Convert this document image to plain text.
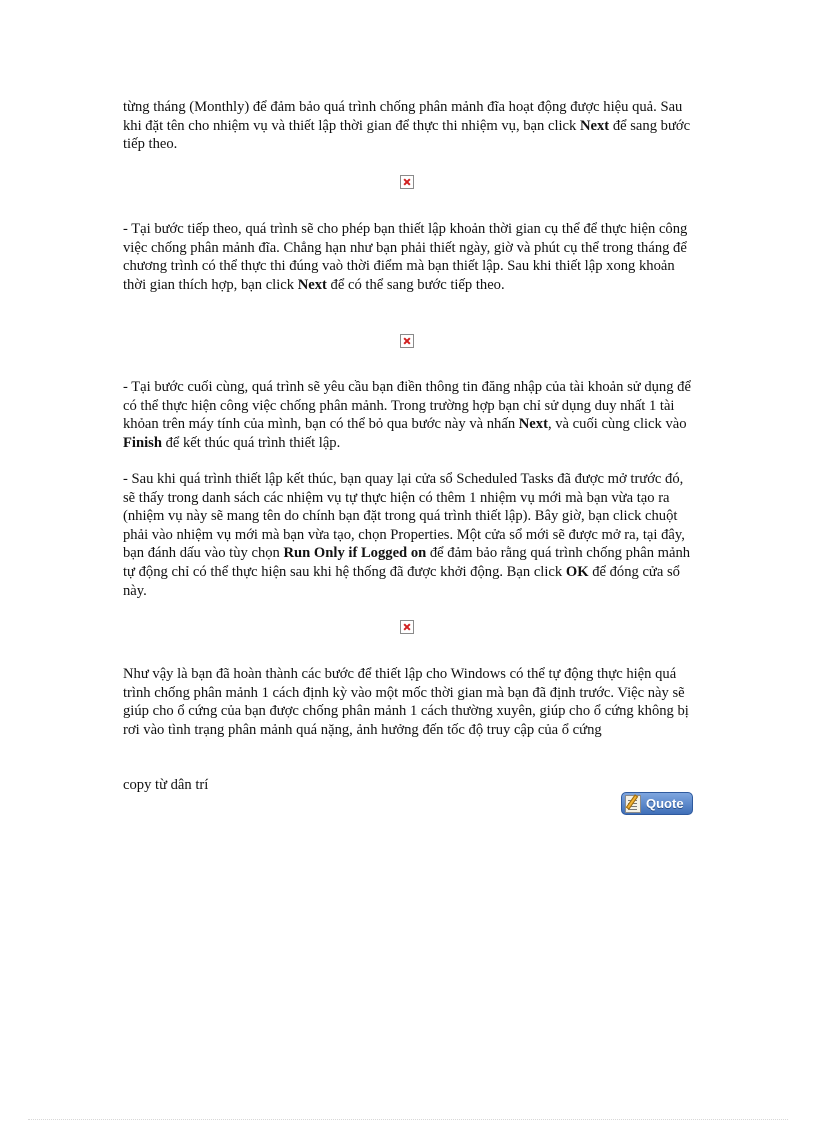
từng tháng (Monthly) để đảm bảo quá trình chống phân mảnh đĩa hoạt động được hiệu quả. Sau khi đặt tên cho nhiệm vụ và thiết lập thời gian để thực thi nhiệm vụ, bạn click Next để sang bước tiếp theo.

- Tại bước tiếp theo, quá trình sẽ cho phép bạn thiết lập khoản thời gian cụ thể để thực hiện công việc chống phân mảnh đĩa. Chẳng hạn như bạn phải thiết ngày, giờ và phút cụ thể trong tháng để chương trình có thể thực thi đúng vaò thời điểm mà bạn thiết lập. Sau khi thiết lập xong khoản thời gian thích hợp, bạn click Next để có thể sang bước tiếp theo.

- Tại bước cuối cùng, quá trình sẽ yêu cầu bạn điền thông tin đăng nhập của tài khoản sử dụng để có thể thực hiện công việc chống phân mảnh. Trong trường hợp bạn chỉ sử dụng duy nhất 1 tài khỏan trên máy tính của mình, bạn có thể bỏ qua bước này và nhấn Next, và cuối cùng click vào Finish để kết thúc quá trình thiết lập.

- Sau khi quá trình thiết lập kết thúc, bạn quay lại cửa sổ Scheduled Tasks đã được mở trước đó, sẽ thấy trong danh sách các nhiệm vụ tự thực hiện có thêm 1 nhiệm vụ mới mà bạn vừa tạo ra (nhiệm vụ này sẽ mang tên do chính bạn đặt trong quá trình thiết lập). Bây giờ, bạn click chuột phải vào nhiệm vụ mới mà bạn vừa tạo, chọn Properties. Một cửa sổ mới sẽ được mở ra, tại đây, bạn đánh dấu vào tùy chọn Run Only if Logged on để đảm bảo rằng quá trình chống phân mảnh tự động chỉ có thể thực hiện sau khi hệ thống đã được khởi động. Bạn click OK để đóng cửa sổ này.

Như vậy là bạn đã hoàn thành các bước để thiết lập cho Windows có thể tự động thực hiện quá trình chống phân mảnh 1 cách định kỳ vào một mốc thời gian mà bạn đã định trước. Việc này sẽ giúp cho ổ cứng của bạn được chống phân mảnh 1 cách thường xuyên, giúp cho ổ cứng không bị rơi vào tình trạng phân mảnh quá nặng, ảnh hưởng đến tốc độ truy cập của ổ cứng

copy từ dân trí

Quote
